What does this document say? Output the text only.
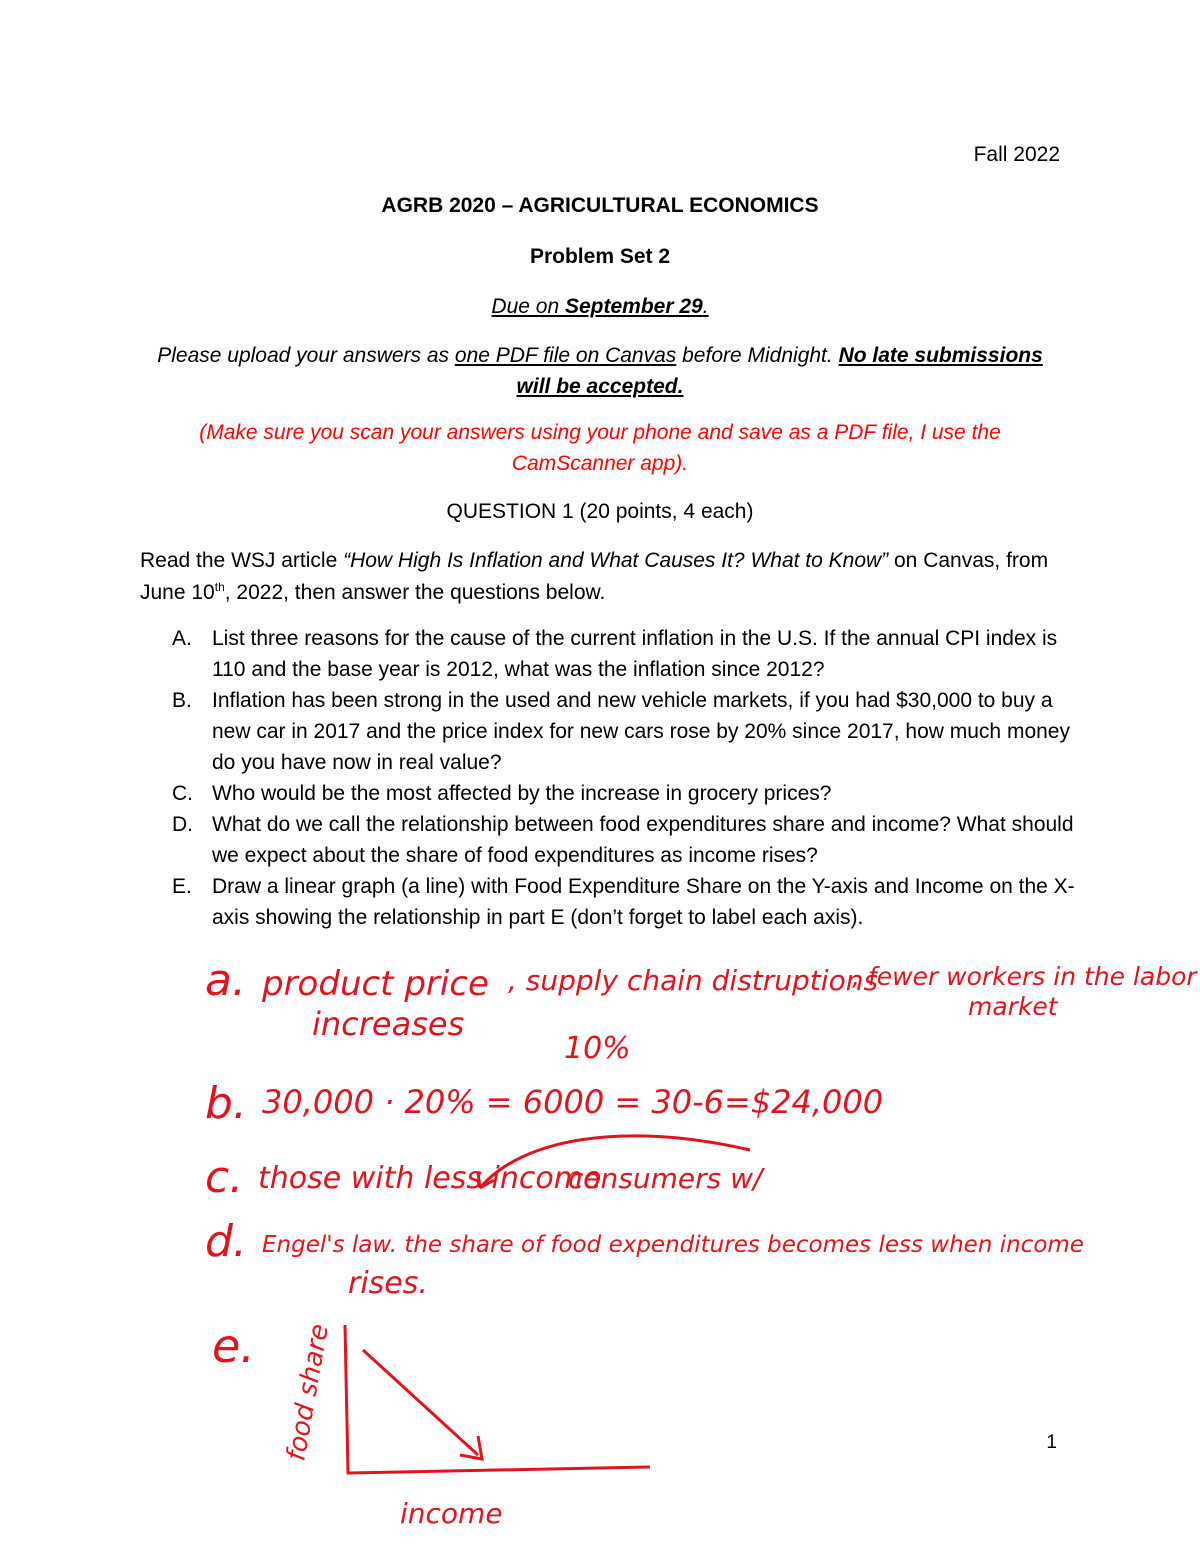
Fall 2022
AGRB 2020 – AGRICULTURAL ECONOMICS
Problem Set 2
Due on September 29.
Please upload your answers as one PDF file on Canvas before Midnight. No late submissions will be accepted.
(Make sure you scan your answers using your phone and save as a PDF file, I use the CamScanner app).
QUESTION 1 (20 points, 4 each)
Read the WSJ article “How High Is Inflation and What Causes It? What to Know” on Canvas, from June 10th, 2022, then answer the questions below.
A. List three reasons for the cause of the current inflation in the U.S. If the annual CPI index is 110 and the base year is 2012, what was the inflation since 2012?
B. Inflation has been strong in the used and new vehicle markets, if you had $30,000 to buy a new car in 2017 and the price index for new cars rose by 20% since 2017, how much money do you have now in real value?
C. Who would be the most affected by the increase in grocery prices?
D. What do we call the relationship between food expenditures share and income? What should we expect about the share of food expenditures as income rises?
E. Draw a linear graph (a line) with Food Expenditure Share on the Y-axis and Income on the X-axis showing the relationship in part E (don’t forget to label each axis).
a. product price
increases
, supply chain distruptions
, fewer workers in the labor
market
10%
b. 30,000 · 20% = 6000 = 30-6=$24,000
c. those with less income
consumers w/
d. Engel's law. the share of food expenditures becomes less when income
rises.
e. food share
income
1
